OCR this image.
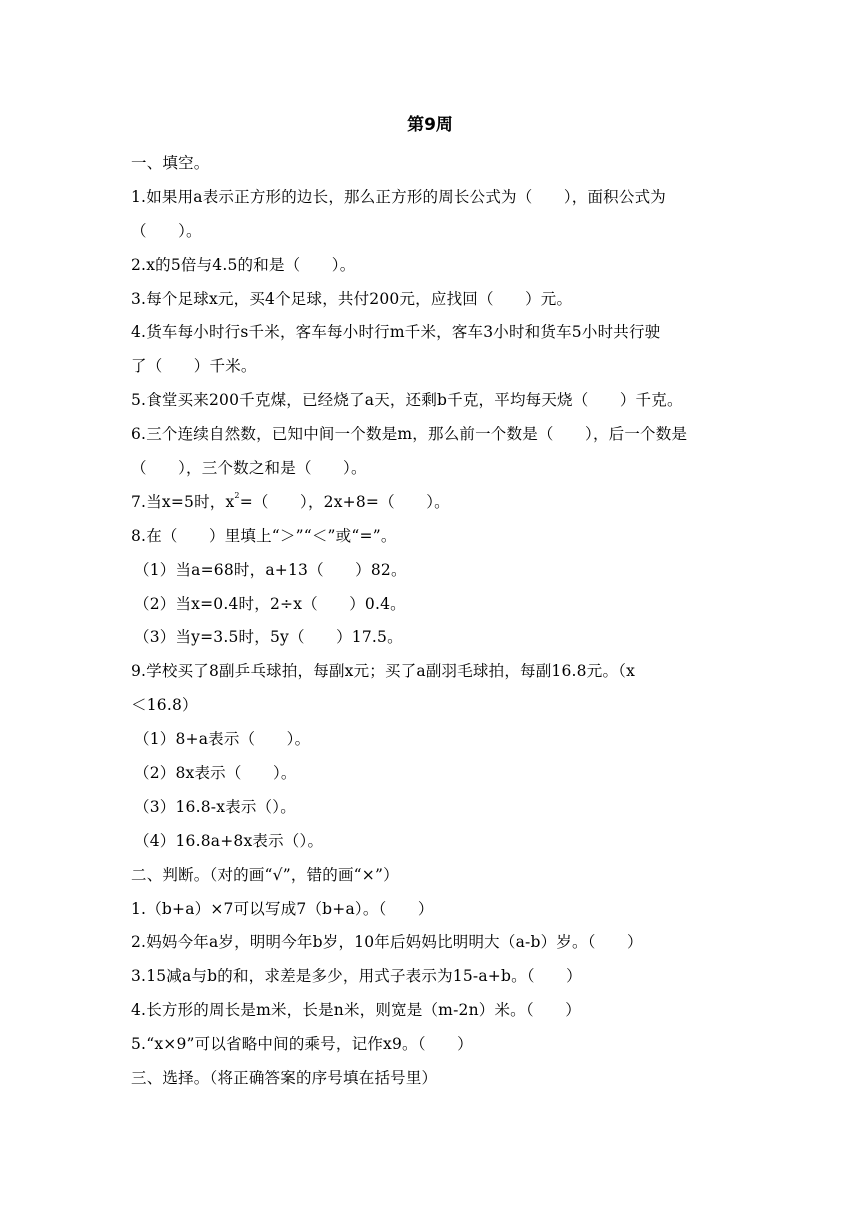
第9周
一、填空。
1.如果用a表示正方形的边长，那么正方形的周长公式为（　　），面积公式为
（　　）。
2.x的5倍与4.5的和是（　　）。
3.每个足球x元，买4个足球，共付200元，应找回（　　）元。
4.货车每小时行s千米，客车每小时行m千米，客车3小时和货车5小时共行驶
了（　　）千米。
5.食堂买来200千克煤，已经烧了a天，还剩b千克，平均每天烧（　　）千克。
6.三个连续自然数，已知中间一个数是m，那么前一个数是（　　），后一个数是
（　　），三个数之和是（　　）。
7.当x=5时，$x^2=$（　　），2x+8=（　　）。
8.在（　　）里填上“＞”“＜”或“=”。
（1）当a=68时，a+13（　　）82。
（2）当x=0.4时，2÷x（　　）0.4。
（3）当y=3.5时，5y（　　）17.5。
9.学校买了8副乒乓球拍，每副x元；买了a副羽毛球拍，每副16.8元。（x
＜16.8）
（1）8+a表示（　　）。
（2）8x表示（　　）。
（3）16.8-x表示（）。
（4）16.8a+8x表示（）。
二、判断。（对的画“√”，错的画“×”）
1.（b+a）×7可以写成7（b+a）。（　　）
2.妈妈今年a岁，明明今年b岁，10年后妈妈比明明大（a-b）岁。（　　）
3.15减a与b的和，求差是多少，用式子表示为15-a+b。（　　）
4.长方形的周长是m米，长是n米，则宽是（m-2n）米。（　　）
5.“x×9”可以省略中间的乘号，记作x9。（　　）
三、选择。（将正确答案的序号填在括号里）
